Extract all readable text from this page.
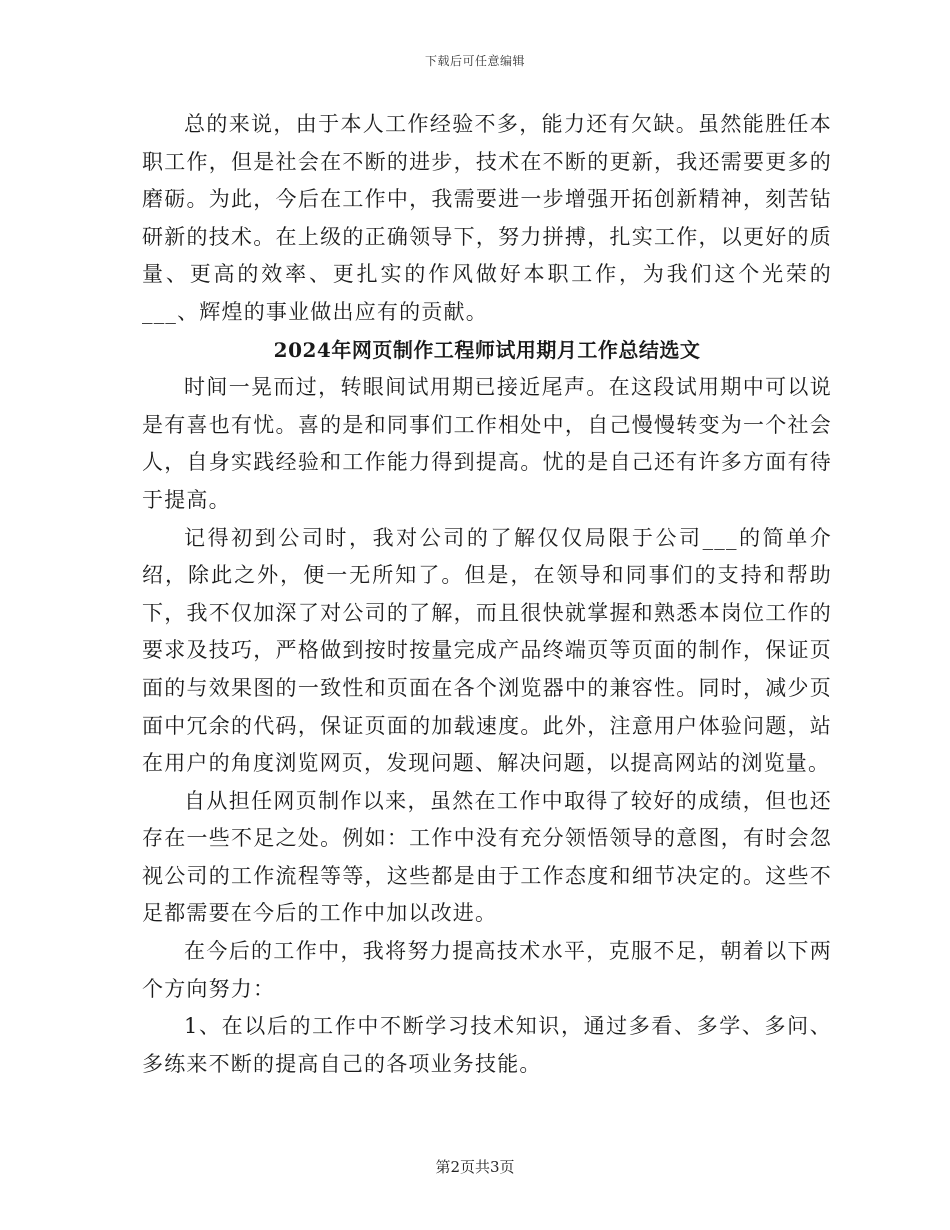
下载后可任意编辑

总的来说，由于本人工作经验不多，能力还有欠缺。虽然能胜任本职工作，但是社会在不断的进步，技术在不断的更新，我还需要更多的磨砺。为此，今后在工作中，我需要进一步增强开拓创新精神，刻苦钻研新的技术。在上级的正确领导下，努力拼搏，扎实工作，以更好的质量、更高的效率、更扎实的作风做好本职工作，为我们这个光荣的___、辉煌的事业做出应有的贡献。

2024年网页制作工程师试用期月工作总结选文

时间一晃而过，转眼间试用期已接近尾声。在这段试用期中可以说是有喜也有忧。喜的是和同事们工作相处中，自己慢慢转变为一个社会人，自身实践经验和工作能力得到提高。忧的是自己还有许多方面有待于提高。

记得初到公司时，我对公司的了解仅仅局限于公司___的简单介绍，除此之外，便一无所知了。但是，在领导和同事们的支持和帮助下，我不仅加深了对公司的了解，而且很快就掌握和熟悉本岗位工作的要求及技巧，严格做到按时按量完成产品终端页等页面的制作，保证页面的与效果图的一致性和页面在各个浏览器中的兼容性。同时，减少页面中冗余的代码，保证页面的加载速度。此外，注意用户体验问题，站在用户的角度浏览网页，发现问题、解决问题，以提高网站的浏览量。

自从担任网页制作以来，虽然在工作中取得了较好的成绩，但也还存在一些不足之处。例如：工作中没有充分领悟领导的意图，有时会忽视公司的工作流程等等，这些都是由于工作态度和细节决定的。这些不足都需要在今后的工作中加以改进。

在今后的工作中，我将努力提高技术水平，克服不足，朝着以下两个方向努力：

1、在以后的工作中不断学习技术知识，通过多看、多学、多问、多练来不断的提高自己的各项业务技能。

第2页共3页
